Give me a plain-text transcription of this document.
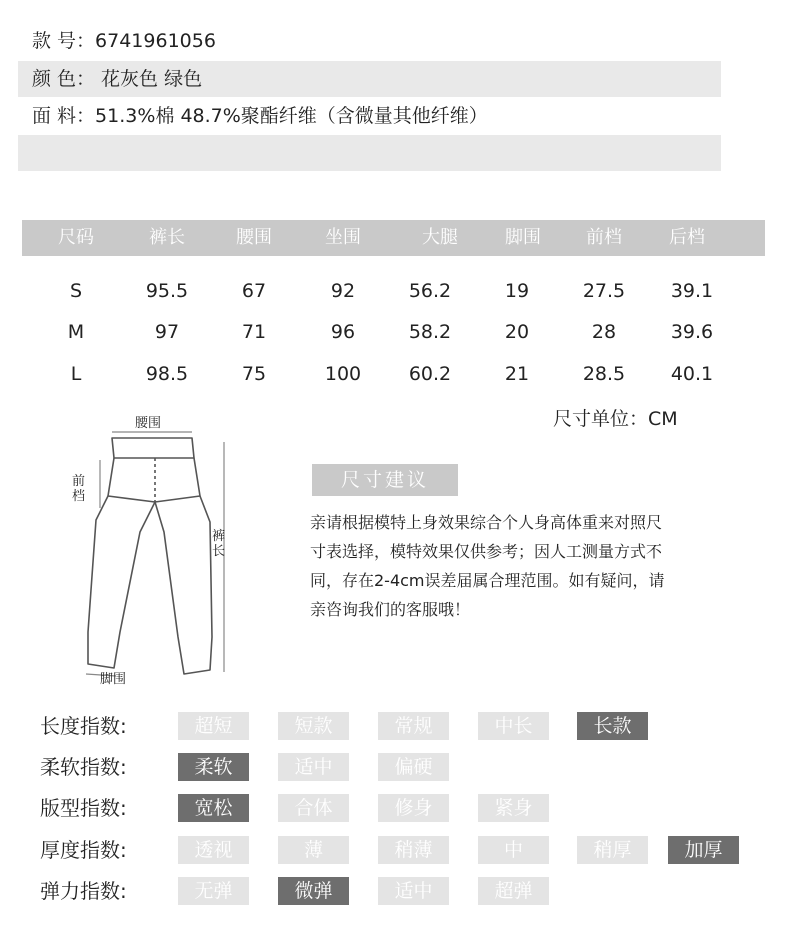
款 号：6741961056
颜 色： 花灰色 绿色
面 料：51.3%棉 48.7%聚酯纤维（含微量其他纤维）
尺码	裤长	腰围	坐围	大腿	脚围	前档	后档
S	95.5	67	92	56.2	19	27.5	39.1
M	97	71	96	58.2	20	28	39.6
L	98.5	75	100	60.2	21	28.5	40.1
尺寸单位：CM
腰围
前档
裤长
脚围
尺寸建议
亲请根据模特上身效果综合个人身高体重来对照尺
寸表选择，模特效果仅供参考；因人工测量方式不
同，存在2-4cm误差届属合理范围。如有疑问，请
亲咨询我们的客服哦！
长度指数:	超短	短款	常规	中长	长款
柔软指数:	柔软	适中	偏硬
版型指数:	宽松	合体	修身	紧身
厚度指数:	透视	薄	稍薄	中	稍厚	加厚
弹力指数:	无弹	微弹	适中	超弹
